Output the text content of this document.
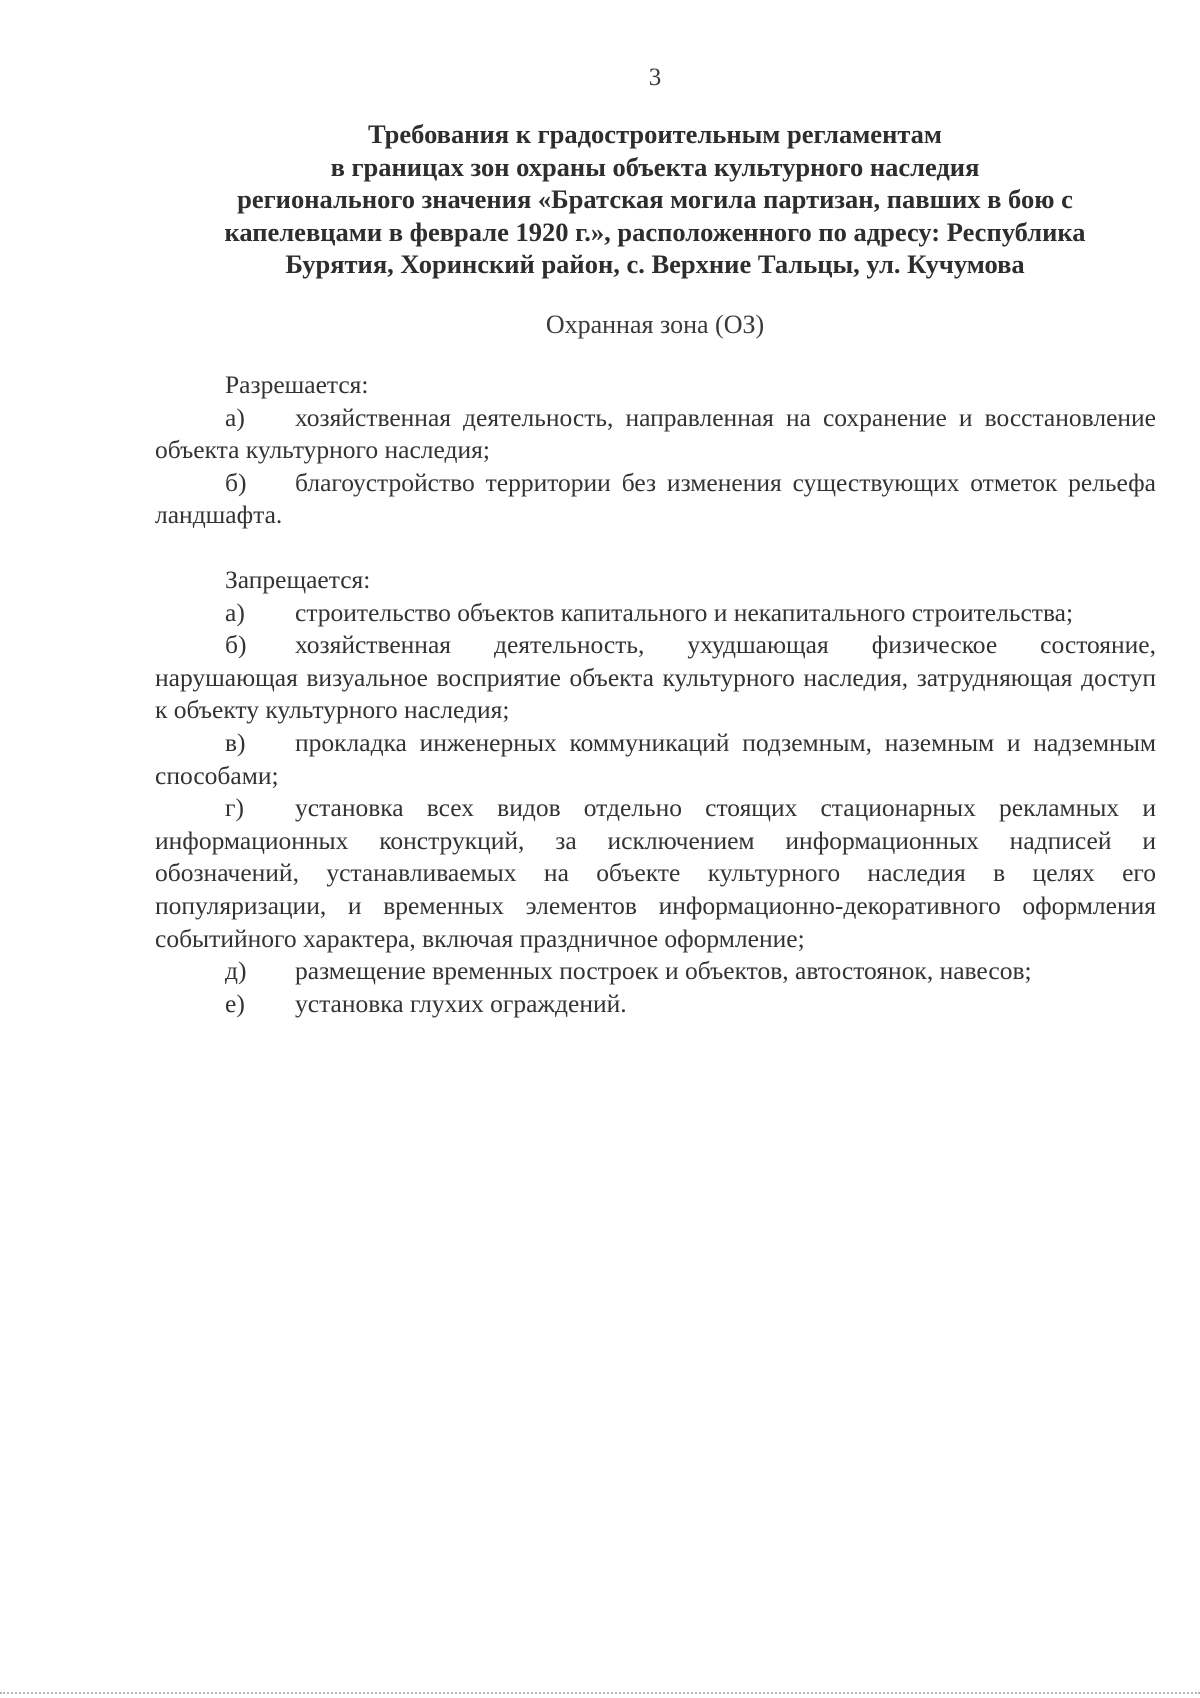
3
Требования к градостроительным регламентам
в границах зон охраны объекта культурного наследия
регионального значения «Братская могила партизан, павших в бою с
капелевцами в феврале 1920 г.», расположенного по адресу: Республика
Бурятия, Хоринский район, с. Верхние Тальцы, ул. Кучумова
Охранная зона (ОЗ)
Разрешается:
а) хозяйственная деятельность, направленная на сохранение и восстановление объекта культурного наследия;
б) благоустройство территории без изменения существующих отметок рельефа ландшафта.
Запрещается:
а) строительство объектов капитального и некапитального строительства;
б) хозяйственная деятельность, ухудшающая физическое состояние, нарушающая визуальное восприятие объекта культурного наследия, затрудняющая доступ к объекту культурного наследия;
в) прокладка инженерных коммуникаций подземным, наземным и надземным способами;
г) установка всех видов отдельно стоящих стационарных рекламных и информационных конструкций, за исключением информационных надписей и обозначений, устанавливаемых на объекте культурного наследия в целях его популяризации, и временных элементов информационно-декоративного оформления событийного характера, включая праздничное оформление;
д) размещение временных построек и объектов, автостоянок, навесов;
е) установка глухих ограждений.
